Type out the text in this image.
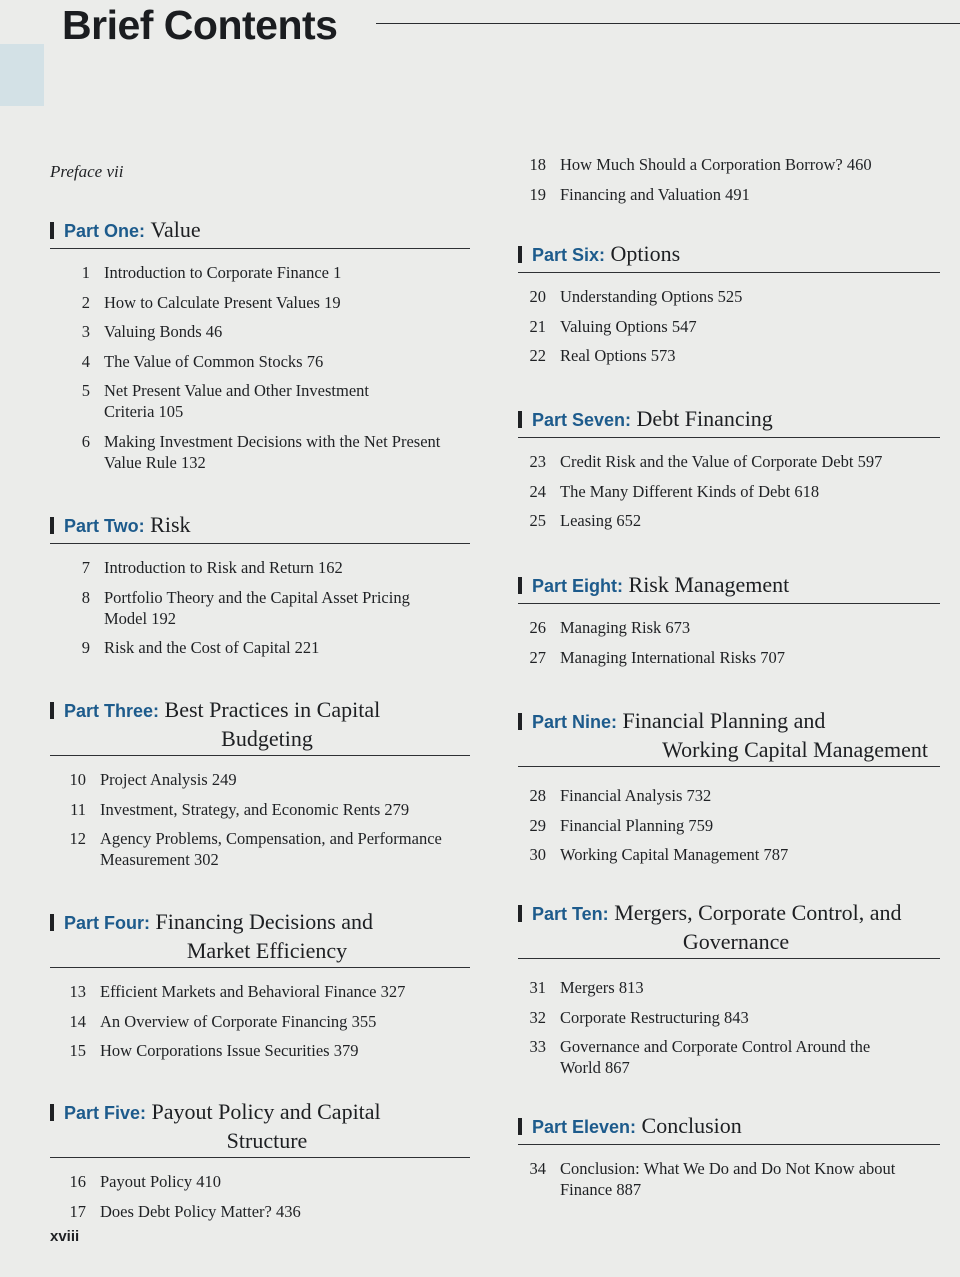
Brief Contents
Preface vii
Part One: Value
1 Introduction to Corporate Finance 1
2 How to Calculate Present Values 19
3 Valuing Bonds 46
4 The Value of Common Stocks 76
5 Net Present Value and Other Investment
Criteria 105
6 Making Investment Decisions with the Net Present
Value Rule 132
Part Two: Risk
7 Introduction to Risk and Return 162
8 Portfolio Theory and the Capital Asset Pricing
Model 192
9 Risk and the Cost of Capital 221
Part Three: Best Practices in Capital
Budgeting
10 Project Analysis 249
11 Investment, Strategy, and Economic Rents 279
12 Agency Problems, Compensation, and Performance
Measurement 302
Part Four: Financing Decisions and
Market Efficiency
13 Efficient Markets and Behavioral Finance 327
14 An Overview of Corporate Financing 355
15 How Corporations Issue Securities 379
Part Five: Payout Policy and Capital
Structure
16 Payout Policy 410
17 Does Debt Policy Matter? 436
18 How Much Should a Corporation Borrow? 460
19 Financing and Valuation 491
Part Six: Options
20 Understanding Options 525
21 Valuing Options 547
22 Real Options 573
Part Seven: Debt Financing
23 Credit Risk and the Value of Corporate Debt 597
24 The Many Different Kinds of Debt 618
25 Leasing 652
Part Eight: Risk Management
26 Managing Risk 673
27 Managing International Risks 707
Part Nine: Financial Planning and
Working Capital Management
28 Financial Analysis 732
29 Financial Planning 759
30 Working Capital Management 787
Part Ten: Mergers, Corporate Control, and
Governance
31 Mergers 813
32 Corporate Restructuring 843
33 Governance and Corporate Control Around the
World 867
Part Eleven: Conclusion
34 Conclusion: What We Do and Do Not Know about
Finance 887
xviii
